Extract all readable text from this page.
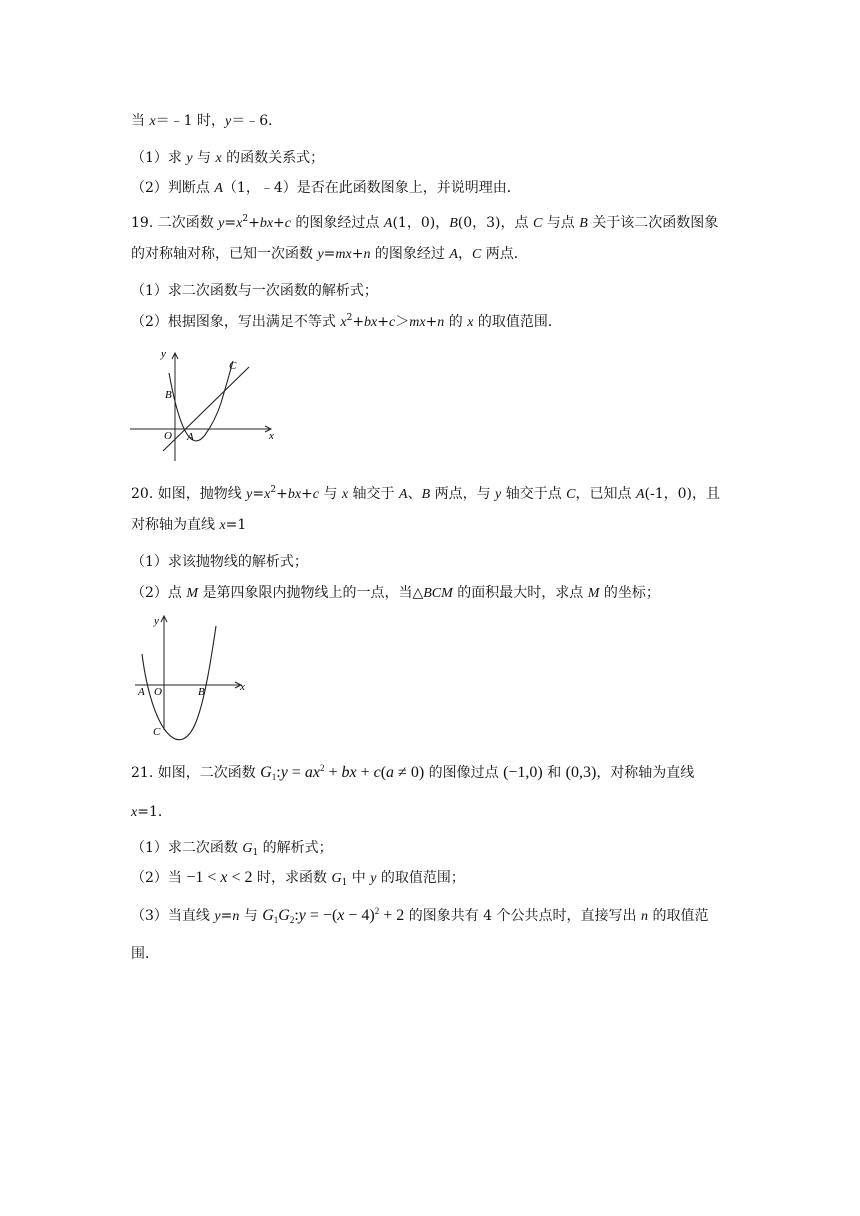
当 x＝﹣1 时，y＝﹣6．
（1）求 y 与 x 的函数关系式；
（2）判断点 A（1，﹣4）是否在此函数图象上，并说明理由．
19. 二次函数 $y=x^2+bx+c$ 的图象经过点 A(1，0)，B(0，3)，点 C 与点 B 关于该二次函数图象
的对称轴对称，已知一次函数 y=mx+n 的图象经过 A，C 两点．
（1）求二次函数与一次函数的解析式；
（2）根据图象，写出满足不等式 $x^2+bx+c>mx+n$ 的 x 的取值范围．
y
x
B
C
O A
20. 如图，抛物线 $y=x^2+bx+c$ 与 x 轴交于 A、B 两点，与 y 轴交于点 C，已知点 A(-1，0)，且
对称轴为直线 x=1
（1）求该抛物线的解析式；
（2）点 M 是第四象限内抛物线上的一点，当△BCM 的面积最大时，求点 M 的坐标；
y
x
A O	B
C
21. 如图，二次函数 $G_1:y = ax^2$ + bx + c(a ≠ 0) 的图像过点 (−1,0) 和 (0,3)，对称轴为直线
x=1．
（1）求二次函数 $G_1$ 的解析式；
（2）当 −1 < x < 2 时，求函数 $G_1$ 中 y 的取值范围；
（3）当直线 y=n 与 $G_1G_2:y = -(x - 4)^2 + 2$ 的图象共有 4 个公共点时，直接写出 n 的取值范
围．
